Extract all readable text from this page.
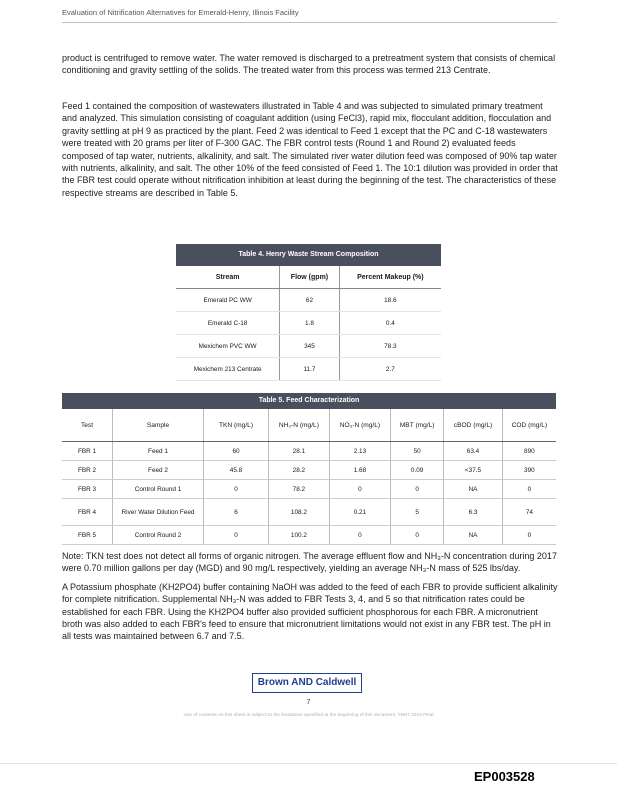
Evaluation of Nitrification Alternatives for Emerald-Henry, Illinois Facility

product is centrifuged to remove water. The water removed is discharged to a pretreatment system that consists of chemical conditioning and gravity settling of the solids. The treated water from this process was termed 213 Centrate.

Feed 1 contained the composition of wastewaters illustrated in Table 4 and was subjected to simulated primary treatment and analyzed. This simulation consisting of coagulant addition (using FeCl3), rapid mix, flocculant addition, flocculation and gravity settling at pH 9 as practiced by the plant. Feed 2 was identical to Feed 1 except that the PC and C-18 wastewaters were treated with 20 grams per liter of F-300 GAC. The FBR control tests (Round 1 and Round 2) evaluated feeds composed of tap water, nutrients, alkalinity, and salt. The simulated river water dilution feed was composed of 90% tap water with nutrients, alkalinity, and salt. The other 10% of the feed consisted of Feed 1. The 10:1 dilution was provided in order that the FBR test could operate without nitrification inhibition at least during the beginning of the test. The characteristics of these respective streams are described in Table 5.

Table 4. Henry Waste Stream Composition
Stream	Flow (gpm)	Percent Makeup (%)
Emerald PC WW	62	18.6
Emerald C-18	1.8	0.4
Mexichem PVC WW	345	78.3
Mexichem 213 Centrate	11.7	2.7
Table 5. Feed Characterization
Test	Sample	TKN (mg/L)	NH₃-N (mg/L)	NO₃-N (mg/L)	MBT (mg/L)	cBOD (mg/L)	COD (mg/L)
FBR 1	Feed 1	60	28.1	2.13	50	63.4	890
FBR 2	Feed 2	45.8	28.2	1.68	0.09	<37.5	390
FBR 3	Control Round 1	0	78.2	0	0	NA	0
FBR 4	River Water Dilution Feed	6	108.2	0.21	5	6.3	74
FBR 5	Control Round 2	0	100.2	0	0	NA	0

Note: TKN test does not detect all forms of organic nitrogen. The average effluent flow and NH₃-N concentration during 2017 were 0.70 million gallons per day (MGD) and 90 mg/L respectively, yielding an average NH₃-N mass of 525 lbs/day.

A Potassium phosphate (KH2PO4) buffer containing NaOH was added to the feed of each FBR to provide sufficient alkalinity for complete nitrification. Supplemental NH₃-N was added to FBR Tests 3, 4, and 5 so that nitrification rates could be established for each FBR. Using the KH2PO4 buffer also provided sufficient phosphorous for each FBR. A micronutrient broth was also added to each FBR's feed to ensure that micronutrient limitations would not exist in any FBR test. The pH in all tests was maintained between 6.7 and 7.5.

Brown AND Caldwell
7
Use of contents on this sheet is subject to the limitations specified at the beginning of this document. TM07 2018 Final
EP003528
